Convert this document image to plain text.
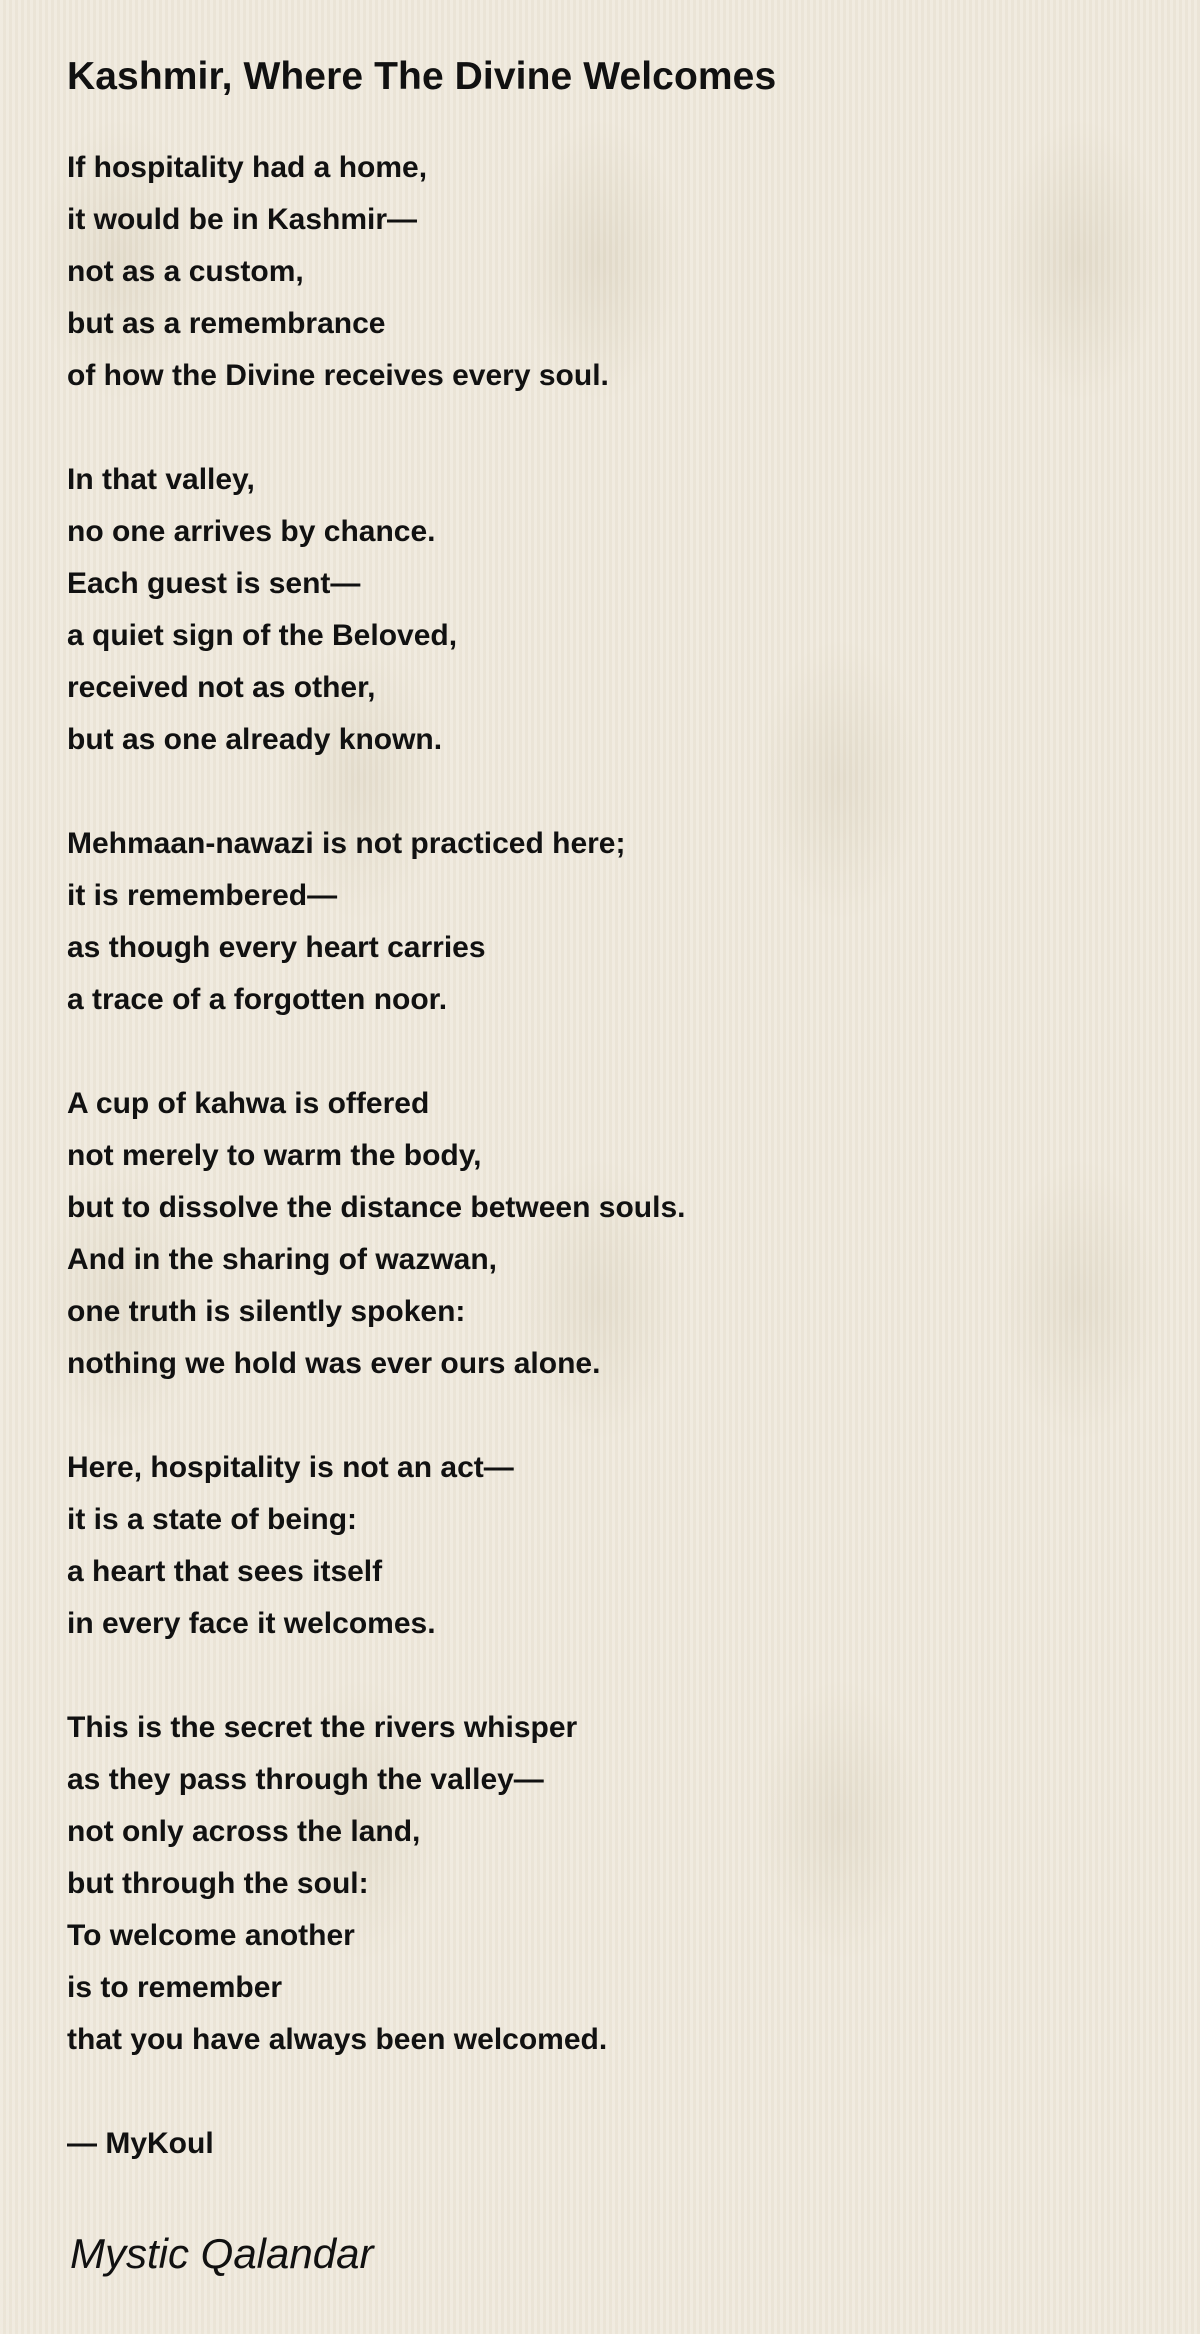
Kashmir, Where The Divine Welcomes
If hospitality had a home,
it would be in Kashmir—
not as a custom,
but as a remembrance
of how the Divine receives every soul.
In that valley,
no one arrives by chance.
Each guest is sent—
a quiet sign of the Beloved,
received not as other,
but as one already known.
Mehmaan-nawazi is not practiced here;
it is remembered—
as though every heart carries
a trace of a forgotten noor.
A cup of kahwa is offered
not merely to warm the body,
but to dissolve the distance between souls.
And in the sharing of wazwan,
one truth is silently spoken:
nothing we hold was ever ours alone.
Here, hospitality is not an act—
it is a state of being:
a heart that sees itself
in every face it welcomes.
This is the secret the rivers whisper
as they pass through the valley—
not only across the land,
but through the soul:
To welcome another
is to remember
that you have always been welcomed.

— MyKoul

Mystic Qalandar
